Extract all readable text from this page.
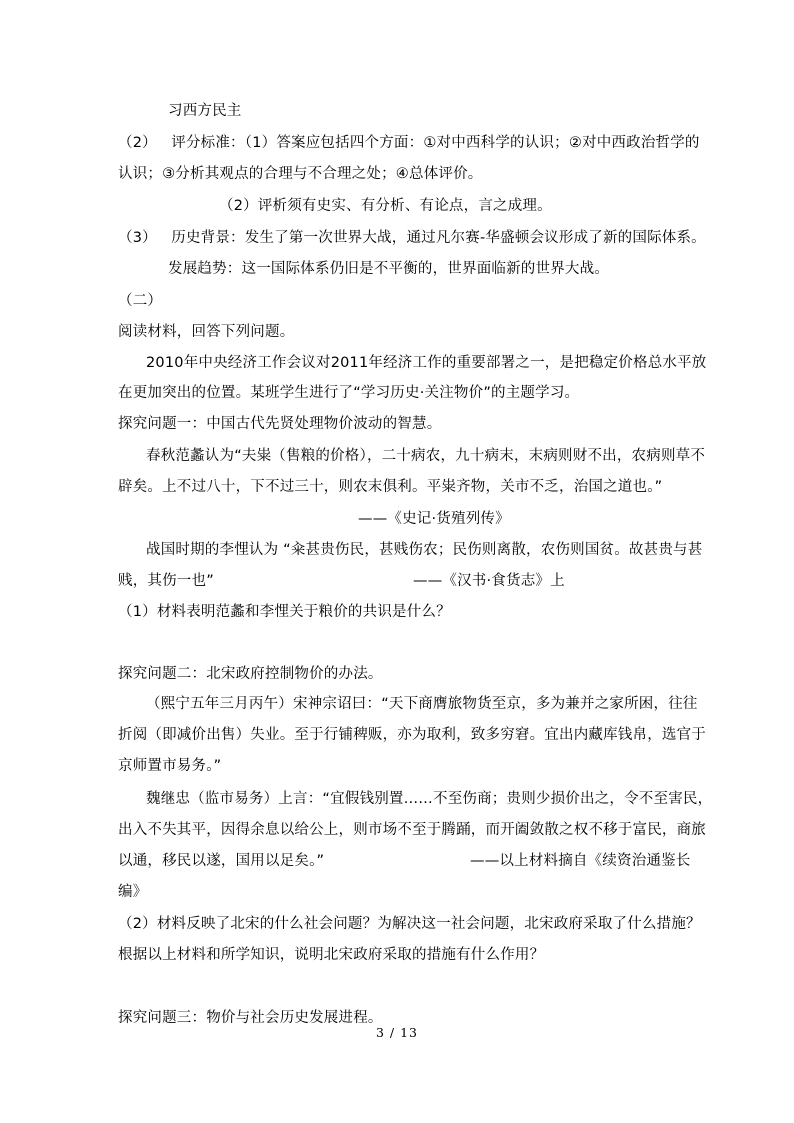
习西方民主
（2）   评分标准：（1）答案应包括四个方面：①对中西科学的认识；②对中西政治哲学的
认识；③分析其观点的合理与不合理之处；④总体评价。
（2）评析须有史实、有分析、有论点，言之成理。
（3）   历史背景：发生了第一次世界大战，通过凡尔赛-华盛顿会议形成了新的国际体系。
发展趋势：这一国际体系仍旧是不平衡的，世界面临新的世界大战。
（二）
阅读材料，回答下列问题。
2010年中央经济工作会议对2011年经济工作的重要部署之一，是把稳定价格总水平放
在更加突出的位置。某班学生进行了“学习历史·关注物价”的主题学习。
探究问题一：中国古代先贤处理物价波动的智慧。
春秋范蠡认为“夫粜（售粮的价格），二十病农，九十病末，末病则财不出，农病则草不
辟矣。上不过八十，下不过三十，则农末俱利。平粜齐物，关市不乏，治国之道也。”
——《史记·货殖列传》
战国时期的李悝认为 “籴甚贵伤民，甚贱伤农；民伤则离散，农伤则国贫。故甚贵与甚
贱，其伤一也”	——《汉书·食货志》上
（1）材料表明范蠡和李悝关于粮价的共识是什么？
探究问题二：北宋政府控制物价的办法。
（熙宁五年三月丙午）宋神宗诏曰：“天下商膺旅物货至京，多为兼并之家所困，往往
折阅（即减价出售）失业。至于行铺稗贩，亦为取利，致多穷窘。宜出内藏库钱帛，选官于
京师置市易务。”
魏继忠（监市易务）上言：“宜假钱别置……不至伤商；贵则少损价出之，令不至害民，
出入不失其平，因得余息以给公上，则市场不至于腾踊，而开阖敛散之权不移于富民，商旅
以通，移民以遂，国用以足矣。”	——以上材料摘自《续资治通鉴长
编》
（2）材料反映了北宋的什么社会问题？为解决这一社会问题，北宋政府采取了什么措施？
根据以上材料和所学知识，说明北宋政府采取的措施有什么作用？
探究问题三：物价与社会历史发展进程。
3 / 13
